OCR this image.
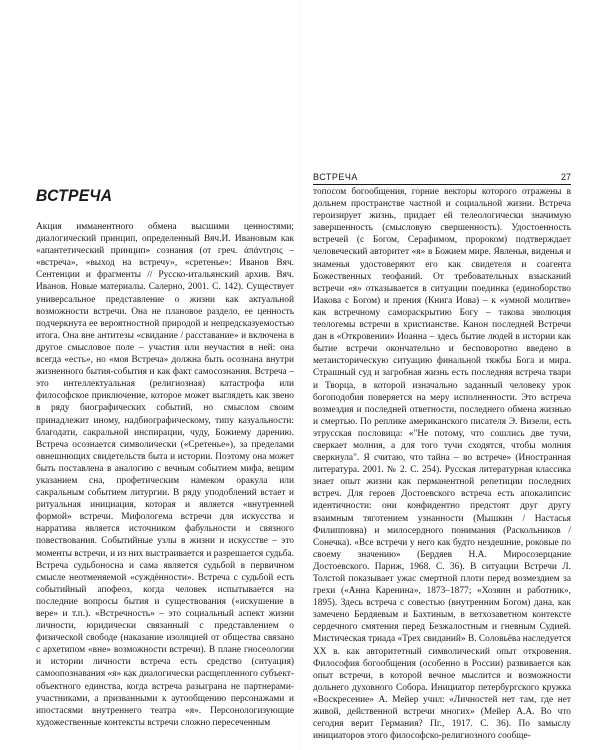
ВСТРЕЧА
Акция имманентного обмена высшими ценностями; диалогический принцип, определенный Вяч.И. Ивановым как «апантетический принцип» сознания (от греч. άπάντησις – «встреча», «выход на встречу», «сретенье»: Иванов Вяч. Сентенции и фрагменты // Русско-итальянский архив. Вяч. Иванов. Новые материалы. Салерно, 2001. С. 142). Существует универсальное представление о жизни как актуальной возможности встречи. Она не плановое раздело, ее ценность подчеркнута ее вероятностной природой и непредсказуемостью итога. Она вне антитезы «свидание / расставание» и включена в другое смысловое поле – участия или неучастия в ней: она всегда «есть», но «моя Встреча» должна быть осознана внутри жизненного бытия-события и как факт самосознания. Встреча – это интеллектуальная (религиозная) катастрофа или философское приключение, которое может выглядеть как звено в ряду биографических событий, но смыслом своим принадлежит иному, надбиографическому, типу казуальности: благодати, сакральной инспирации, чуду, Божиему дарению. Встреча осознается символически («Сретенье»), за пределами овнешнющих свидетельств быта и истории. Поэтому она может быть поставлена в аналогию с вечным событием мифа, вещим указанием сна, профетическим намеком оракула или сакральным событием литургии. В ряду уподоблений встает и ритуальная инициация, которая и является «внутренней формой» встречи. Мифологема встречи для искусства и нарратива является источником фабульности и связного повествования. Событийные узлы в жизни и искусстве – это моменты встречи, и из них выстраивается и разрешается судьба. Встреча судьбоносна и сама является судьбой в первичном смысле неотменяемой «суждённости». Встреча с судьбой есть событийный апофеоз, когда человек испытывается на последние вопросы бытия и существования («искушение в вере» и т.п.). «Встречность» – это социальный аспект жизни личности, юридически связанный с представлением о физической свободе (наказание изоляцией от общества связано с архетипом «вне» возможности встречи). В плане гносеологии и истории личности встреча есть средство (ситуация) самоопознавания «я» как диалогически расщепленного субъект-объектного единства, когда встреча разыграна не партнерами-участниками, а призванными к аутообщению персонажами и ипостасями внутреннего театра «я». Персонологизующие художественные контексты встречи сложно пересеченным
ВСТРЕЧА	27
топосом богообщения, горние векторы которого отражены в дольнем пространстве частной и социальной жизни. Встреча героизирует жизнь, придает ей телеологически значимую завершенность (смысловую свершенность). Удостоенность встречей (с Богом, Серафимом, пророком) подтверждает человеческий авторитет «я» в Божием мире. Явленья, виденья и знаменья удостоверяют его как свидетеля и соагента Божественных теофаний. От требовательных взысканий встречи «я» отказывается в ситуации поединка (единоборство Иакова с Богом) и прения (Книга Иова) – к «умной молитве» как встречному самораскрытию Богу – такова эволюция теологемы встречи в христианстве. Канон последней Встречи дан в «Откровении» Иоанна – здесь бытие людей в истории как бытие встречи окончательно и бесповоротно введено в метаисторическую ситуацию финальной тяжбы Бога и мира. Страшный суд и загробная жизнь есть последняя встреча твари и Творца, в которой изначально заданный человеку урок богоподобия поверяется на меру исполненности. Это встреча возмездия и последней ответности, последнего обмена жизнью и смертью. По реплике американского писателя Э. Визели, есть этрусская пословица: «"Не потому, что сошлись две тучи, сверкает молния, а для того тучи сходятся, чтобы молния сверкнула". Я считаю, что тайна – во встрече» (Иностранная литература. 2001. № 2. С. 254). Русская литературная классика знает опыт жизни как перманентной репетиции последних встреч. Для героев Достоевского встреча есть апокалипсис идентичности: они конфидентно предстоят друг другу взаимным тяготением узнанности (Мышкин / Настасья Филипповна) и милосердного понимания (Раскольников / Сонечка). «Все встречи у него как будто нездешние, роковые по своему значению» (Бердяев Н.А. Миросозерцание Достоевского. Париж, 1968. С. 36). В ситуации Встречи Л. Толстой показывает ужас смертной плоти перед возмездием за грехи («Анна Каренина», 1873–1877; «Хозяин и работник», 1895). Здесь встреча с совестью (внутренним Богом) дана, как замечено Бердяевым и Бахтиным, в ветхозаветном контексте сердечного смятения перед Безжалостным и гневным Судией. Мистическая триада «Трех свиданий» В. Соловьёва наследуется XX в. как авторитетный символический опыт откровения. Философия богообщения (особенно в России) развивается как опыт встречи, в которой вечное мыслится и возможности дольнего духовного Собора. Инициатор петербургского кружка «Воскресение» А. Мейер учил: «Личностей нет там, где нет живой, действенной встречи многих» (Мейер А.А. Во что сегодня верит Германия? Пг., 1917. С. 36). По замыслу инициаторов этого философско-религиозного сообще-
